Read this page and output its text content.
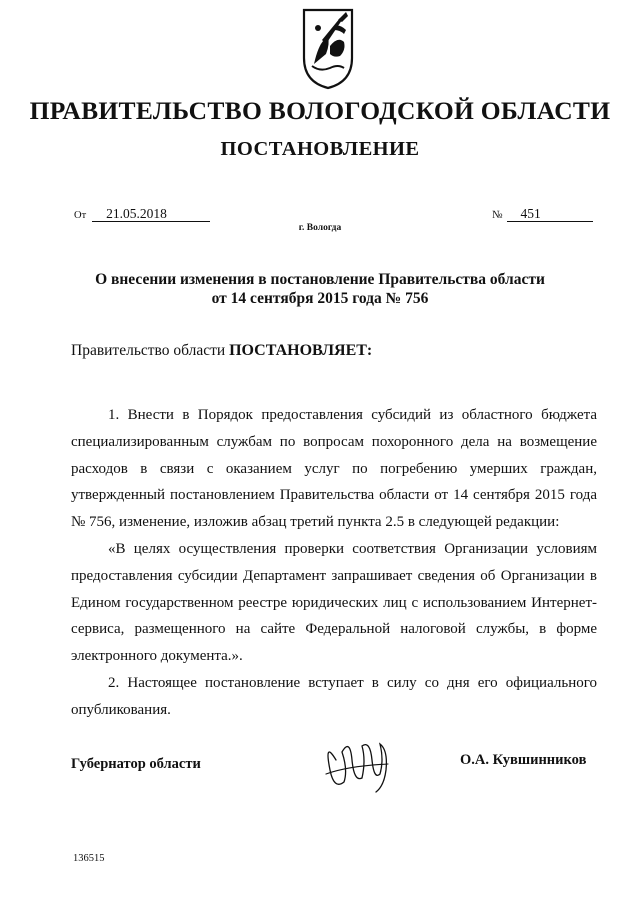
ПРАВИТЕЛЬСТВО ВОЛОГОДСКОЙ ОБЛАСТИ
ПОСТАНОВЛЕНИЕ
От 21.05.2018	№ 451
г. Вологда
О внесении изменения в постановление Правительства области
от 14 сентября 2015 года № 756
Правительство области ПОСТАНОВЛЯЕТ:

1. Внести в Порядок предоставления субсидий из областного бюджета специализированным службам по вопросам похоронного дела на возмещение расходов в связи с оказанием услуг по погребению умерших граждан, утвержденный постановлением Правительства области от 14 сентября 2015 года № 756, изменение, изложив абзац третий пункта 2.5 в следующей редакции:

«В целях осуществления проверки соответствия Организации условиям предоставления субсидии Департамент запрашивает сведения об Организации в Едином государственном реестре юридических лиц с использованием Интернет-сервиса, размещенного на сайте Федеральной налоговой службы, в форме электронного документа.».

2. Настоящее постановление вступает в силу со дня его официального опубликования.

Губернатор области	О.А. Кувшинников
136515
